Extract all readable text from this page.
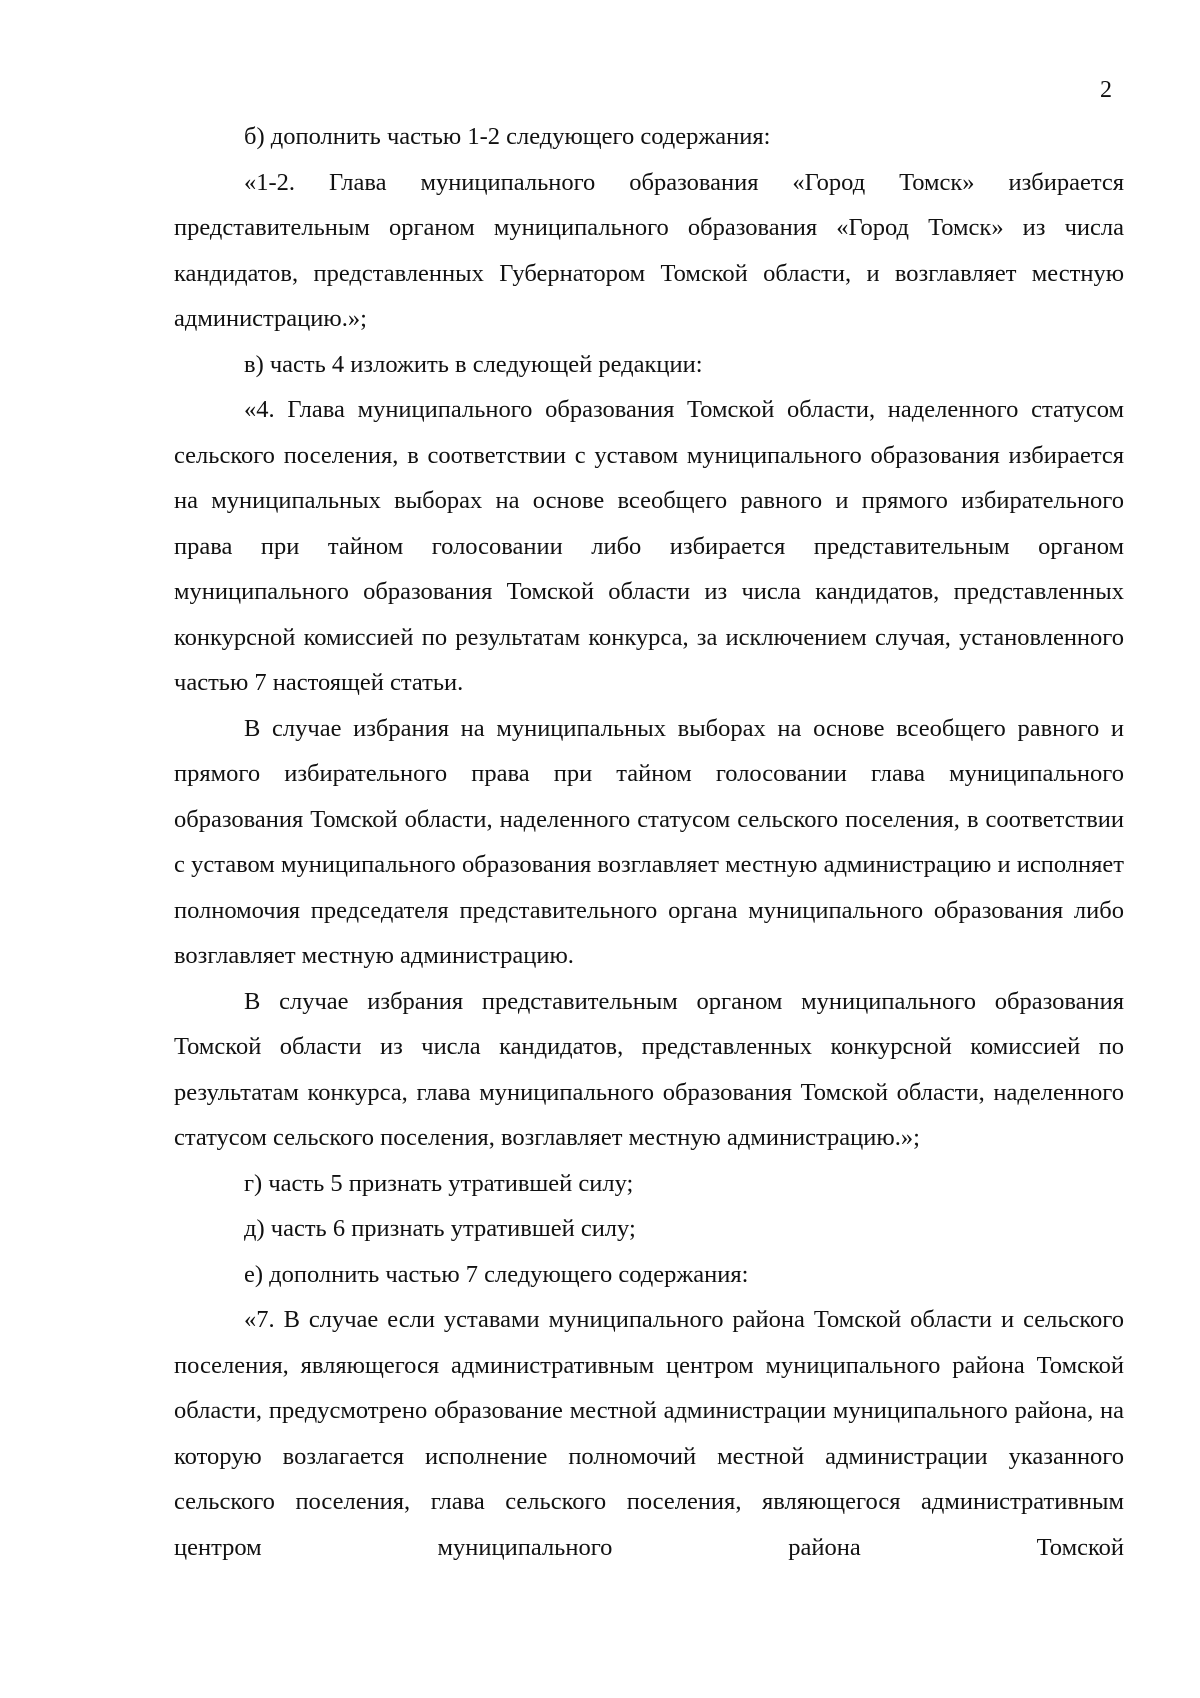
2

б) дополнить частью 1-2 следующего содержания:

«1-2. Глава муниципального образования «Город Томск» избирается представительным органом муниципального образования «Город Томск» из числа кандидатов, представленных Губернатором Томской области, и возглавляет местную администрацию.»;

в) часть 4 изложить в следующей редакции:

«4. Глава муниципального образования Томской области, наделенного статусом сельского поселения, в соответствии с уставом муниципального образования избирается на муниципальных выборах на основе всеобщего равного и прямого избирательного права при тайном голосовании либо избирается представительным органом муниципального образования Томской области из числа кандидатов, представленных конкурсной комиссией по результатам конкурса, за исключением случая, установленного частью 7 настоящей статьи.

В случае избрания на муниципальных выборах на основе всеобщего равного и прямого избирательного права при тайном голосовании глава муниципального образования Томской области, наделенного статусом сельского поселения, в соответствии с уставом муниципального образования возглавляет местную администрацию и исполняет полномочия председателя представительного органа муниципального образования либо возглавляет местную администрацию.

В случае избрания представительным органом муниципального образования Томской области из числа кандидатов, представленных конкурсной комиссией по результатам конкурса, глава муниципального образования Томской области, наделенного статусом сельского поселения, возглавляет местную администрацию.»;

г) часть 5 признать утратившей силу;

д) часть 6 признать утратившей силу;

е) дополнить частью 7 следующего содержания:

«7. В случае если уставами муниципального района Томской области и сельского поселения, являющегося административным центром муниципального района Томской области, предусмотрено образование местной администрации муниципального района, на которую возлагается исполнение полномочий местной администрации указанного сельского поселения, глава сельского поселения, являющегося административным центром муниципального района Томской
